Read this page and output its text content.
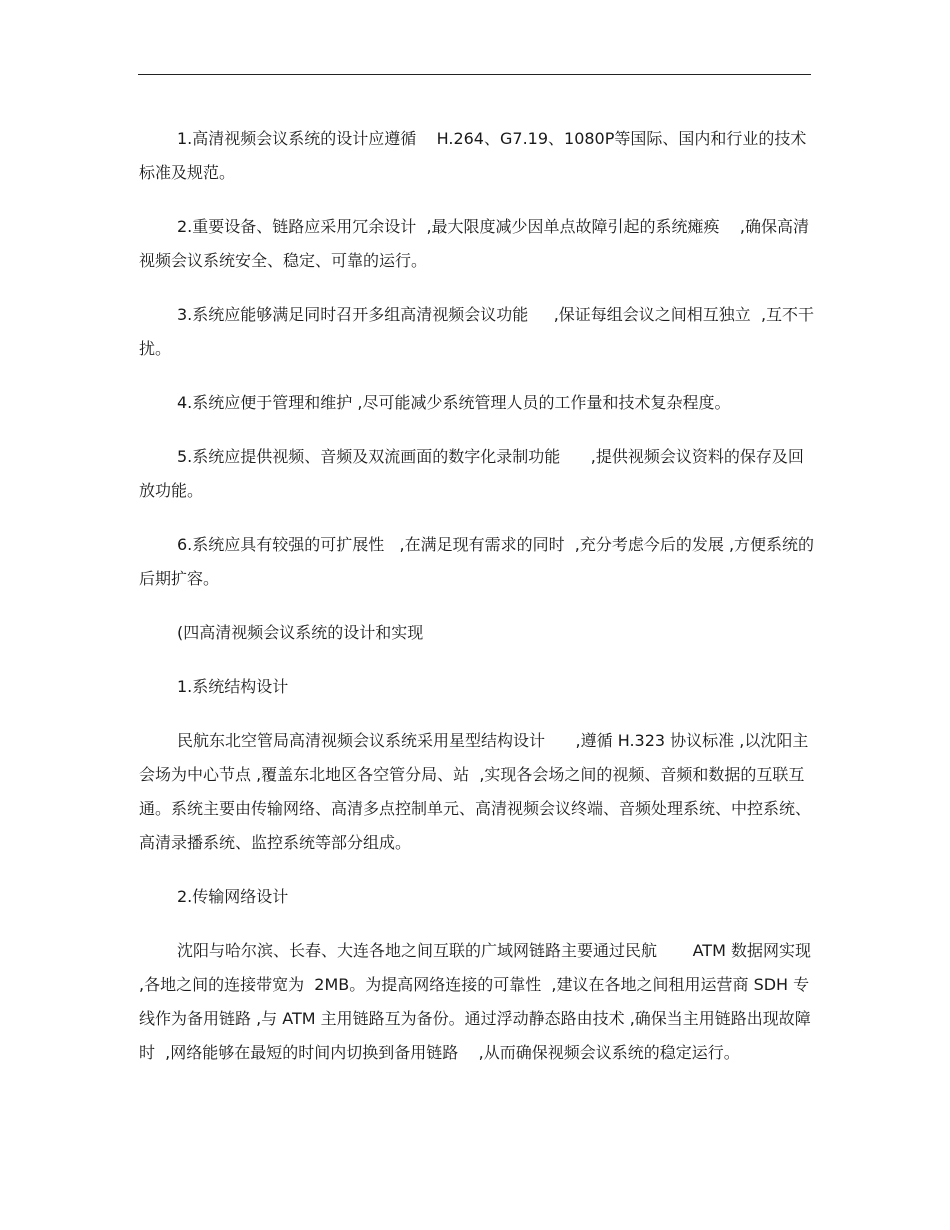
1.高清视频会议系统的设计应遵循    H.264、G7.19、1080P等国际、国内和行业的技术标准及规范。

2.重要设备、链路应采用冗余设计  ,最大限度减少因单点故障引起的系统瘫痪    ,确保高清视频会议系统安全、稳定、可靠的运行。

3.系统应能够满足同时召开多组高清视频会议功能     ,保证每组会议之间相互独立  ,互不干扰。

4.系统应便于管理和维护 ,尽可能减少系统管理人员的工作量和技术复杂程度。

5.系统应提供视频、音频及双流画面的数字化录制功能      ,提供视频会议资料的保存及回放功能。

6.系统应具有较强的可扩展性   ,在满足现有需求的同时  ,充分考虑今后的发展 ,方便系统的后期扩容。

(四高清视频会议系统的设计和实现

1.系统结构设计

民航东北空管局高清视频会议系统采用星型结构设计      ,遵循 H.323 协议标准 ,以沈阳主会场为中心节点 ,覆盖东北地区各空管分局、站  ,实现各会场之间的视频、音频和数据的互联互通。系统主要由传输网络、高清多点控制单元、高清视频会议终端、音频处理系统、中控系统、高清录播系统、监控系统等部分组成。

2.传输网络设计

沈阳与哈尔滨、长春、大连各地之间互联的广域网链路主要通过民航       ATM 数据网实现 ,各地之间的连接带宽为  2MB。为提高网络连接的可靠性  ,建议在各地之间租用运营商 SDH 专线作为备用链路 ,与 ATM 主用链路互为备份。通过浮动静态路由技术 ,确保当主用链路出现故障时  ,网络能够在最短的时间内切换到备用链路    ,从而确保视频会议系统的稳定运行。
